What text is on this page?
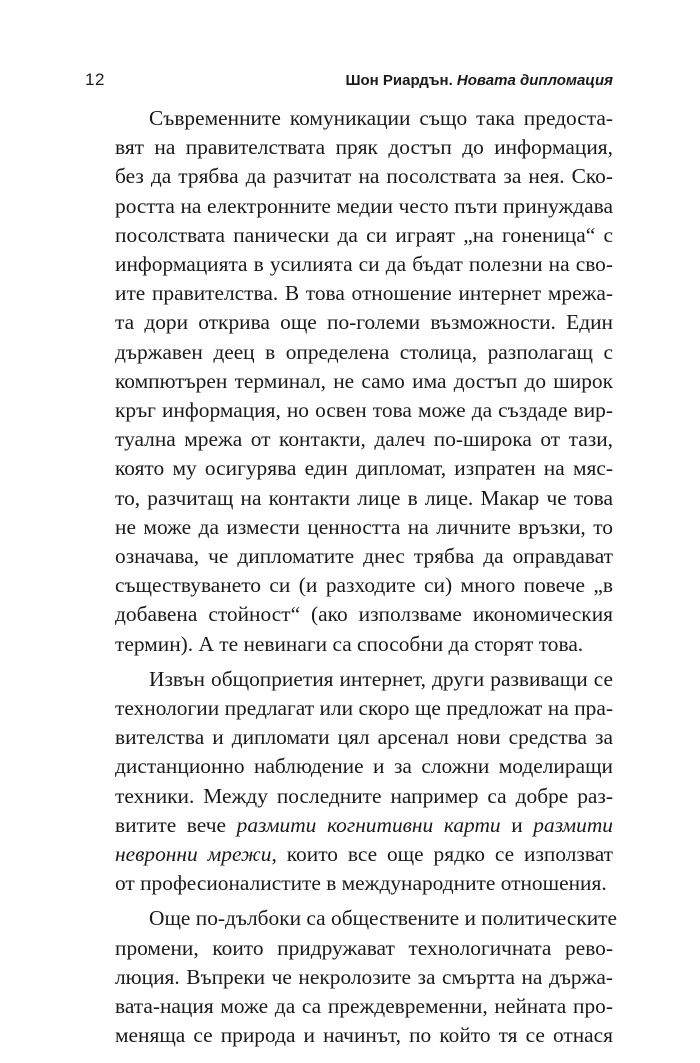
12	Шон Риардън. Новата дипломация
Съвременните комуникации също така предоста-
вят на правителствата пряк достъп до информация,
без да трябва да разчитат на посолствата за нея. Ско-
ростта на електронните медии често пъти принуждава
посолствата панически да си играят „на гоненица“ с
информацията в усилията си да бъдат полезни на сво-
ите правителства. В това отношение интернет мрежа-
та дори открива още по-големи възможности. Един
държавен деец в определена столица, разполагащ с
компютърен терминал, не само има достъп до широк
кръг информация, но освен това може да създаде вир-
туална мрежа от контакти, далеч по-широка от тази,
която му осигурява един дипломат, изпратен на мяс-
то, разчитащ на контакти лице в лице. Макар че това
не може да измести ценността на личните връзки, то
означава, че дипломатите днес трябва да оправдават
съществуването си (и разходите си) много повече „в
добавена стойност“ (ако използваме икономическия
термин). А те невинаги са способни да сторят това.
Извън общоприетия интернет, други развиващи се
технологии предлагат или скоро ще предложат на пра-
вителства и дипломати цял арсенал нови средства за
дистанционно наблюдение и за сложни моделиращи
техники. Между последните например са добре раз-
витите вече размити когнитивни карти и размити
невронни мрежи, които все още рядко се използват
от професионалистите в международните отношения.
Още по-дълбоки са обществените и политическите
промени, които придружават технологичната рево-
люция. Въпреки че некролозите за смъртта на държа-
вата-нация може да са преждевременни, нейната про-
меняща се природа и начинът, по който тя се отнася
